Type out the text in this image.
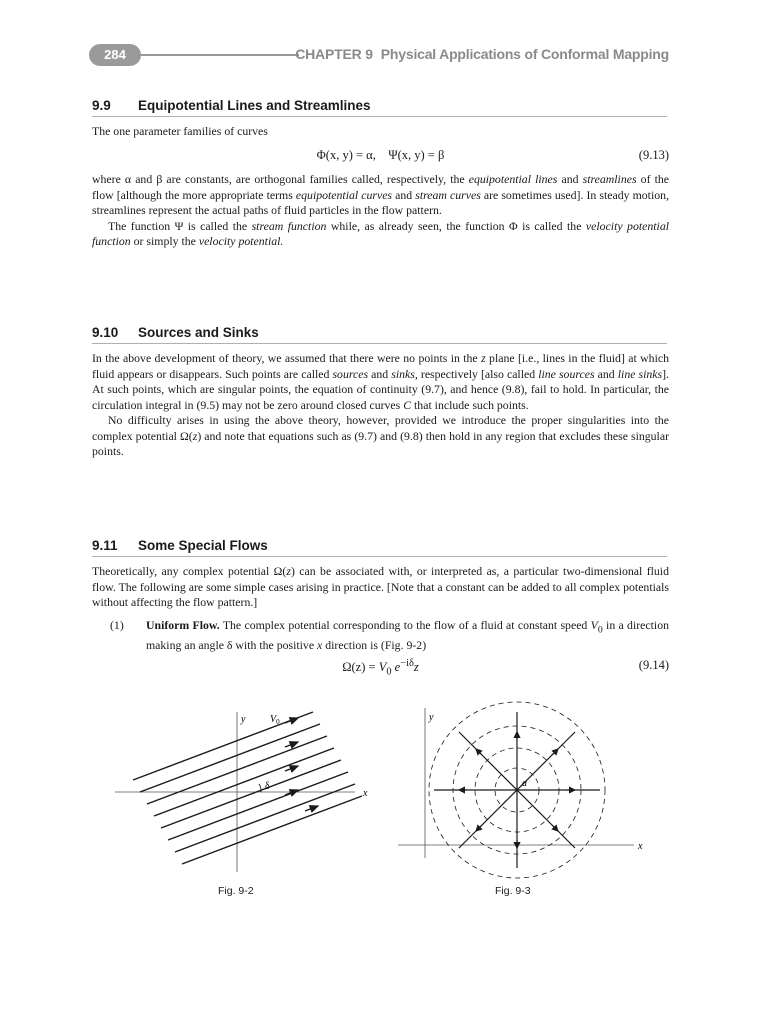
284	CHAPTER 9 Physical Applications of Conformal Mapping
9.9 Equipotential Lines and Streamlines

The one parameter families of curves

Φ(x, y) = α, Ψ(x, y) = β	(9.13)

where α and β are constants, are orthogonal families called, respectively, the equipotential lines and streamlines of the flow [although the more appropriate terms equipotential curves and stream curves are sometimes used]. In steady motion, streamlines represent the actual paths of fluid particles in the flow pattern.

The function Ψ is called the stream function while, as already seen, the function Φ is called the velocity potential function or simply the velocity potential.

9.10 Sources and Sinks

In the above development of theory, we assumed that there were no points in the z plane [i.e., lines in the fluid] at which fluid appears or disappears. Such points are called sources and sinks, respectively [also called line sources and line sinks]. At such points, which are singular points, the equation of continuity (9.7), and hence (9.8), fail to hold. In particular, the circulation integral in (9.5) may not be zero around closed curves C that include such points.

No difficulty arises in using the above theory, however, provided we introduce the proper singularities into the complex potential Ω(z) and note that equations such as (9.7) and (9.8) then hold in any region that excludes these singular points.

9.11 Some Special Flows

Theoretically, any complex potential Ω(z) can be associated with, or interpreted as, a particular two-dimensional fluid flow. The following are some simple cases arising in practice. [Note that a constant can be added to all complex potentials without affecting the flow pattern.]

(1) Uniform Flow. The complex potential corresponding to the flow of a fluid at constant speed $V_0$ in a direction making an angle δ with the positive x direction is (Fig. 9-2)
$\Omega(z) = V_0$ $e^{-i\delta}z$	(9.14)
y
x
$V_0$
δ
Fig. 9-2
y
x
a
Fig. 9-3
